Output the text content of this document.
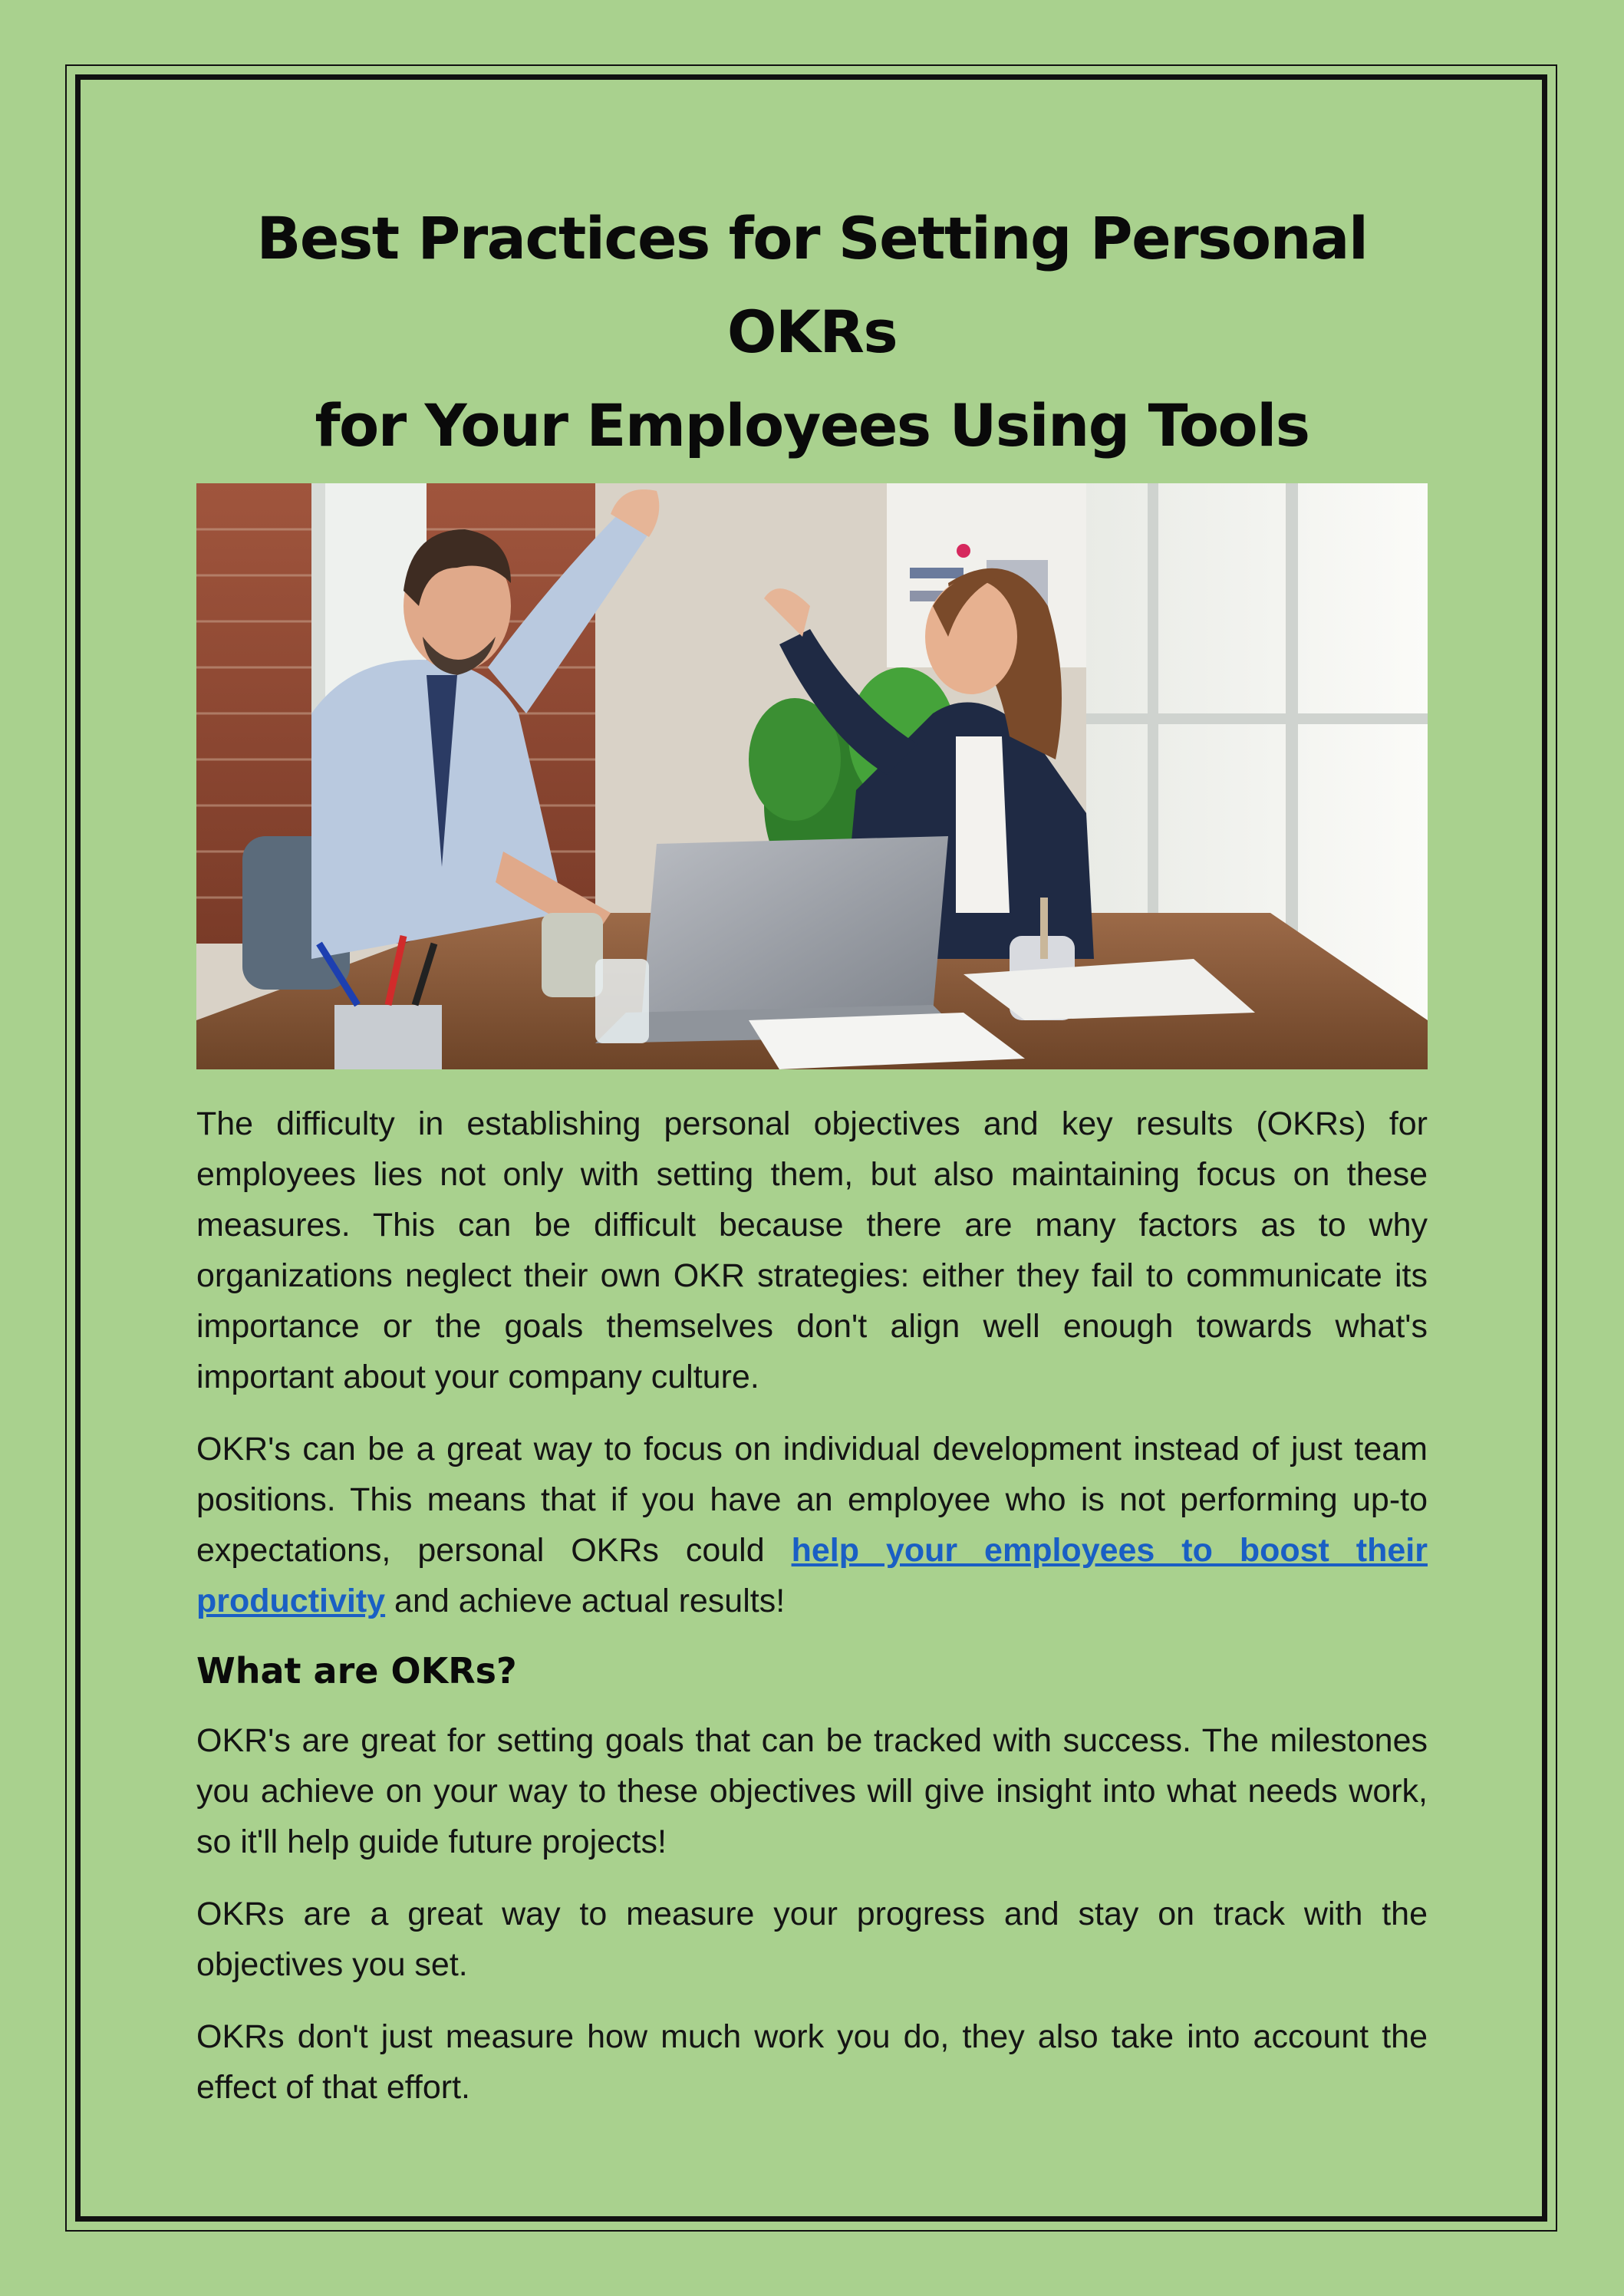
Best Practices for Setting Personal OKRs
for Your Employees Using Tools

The difficulty in establishing personal objectives and key results (OKRs) for employees lies not only with setting them, but also maintaining focus on these measures. This can be difficult because there are many factors as to why organizations neglect their own OKR strategies: either they fail to communicate its importance or the goals themselves don't align well enough towards what's important about your company culture.

OKR's can be a great way to focus on individual development instead of just team positions. This means that if you have an employee who is not performing up-to expectations, personal OKRs could help your employees to boost their productivity and achieve actual results!

What are OKRs?

OKR's are great for setting goals that can be tracked with success. The milestones you achieve on your way to these objectives will give insight into what needs work, so it'll help guide future projects!

OKRs are a great way to measure your progress and stay on track with the objectives you set.

OKRs don't just measure how much work you do, they also take into account the effect of that effort.
